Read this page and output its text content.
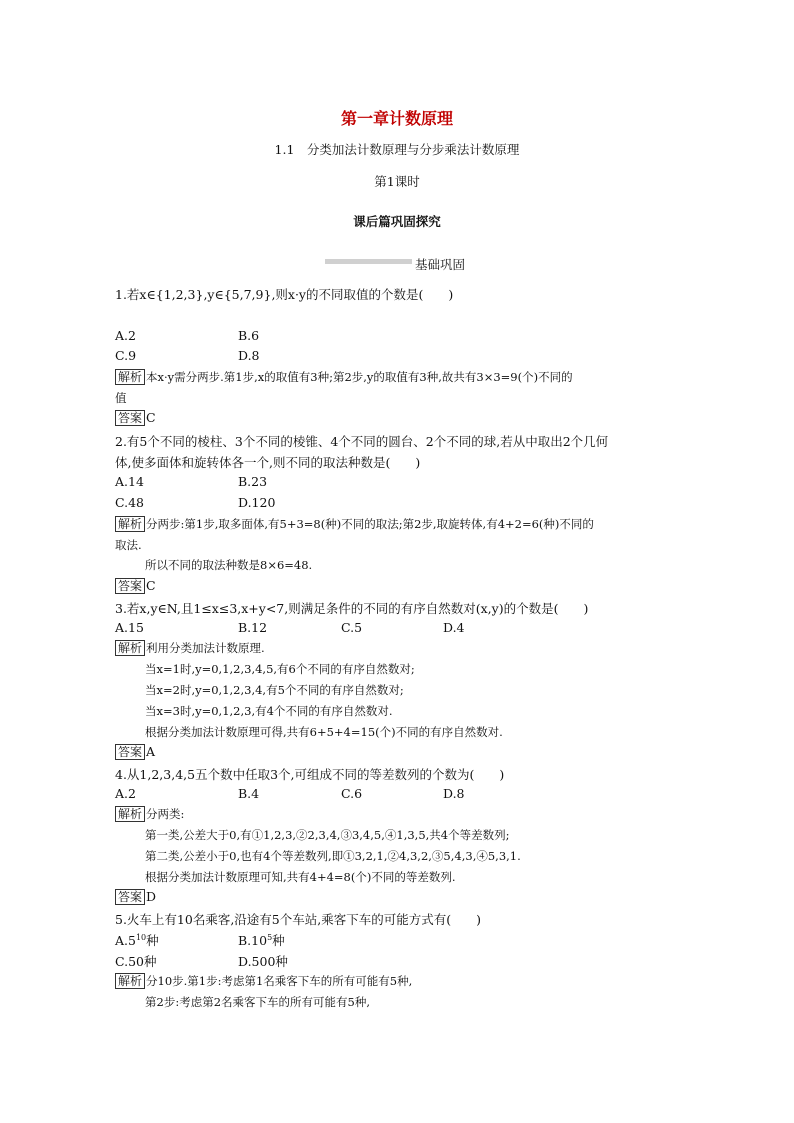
第一章计数原理
1.1　分类加法计数原理与分步乘法计数原理
第1课时
课后篇巩固探究
基础巩固
1.若x∈{1,2,3},y∈{5,7,9},则x·y的不同取值的个数是(　　)
A.2	B.6
C.9	D.8
解析 本x·y需分两步.第1步,x的取值有3种;第2步,y的取值有3种,故共有3×3=9(个)不同的
值
答案 C
2.有5个不同的棱柱、3个不同的棱锥、4个不同的圆台、2个不同的球,若从中取出2个几何
体,使多面体和旋转体各一个,则不同的取法种数是(　　)
A.14	B.23
C.48	D.120
解析 分两步:第1步,取多面体,有5+3=8(种)不同的取法;第2步,取旋转体,有4+2=6(种)不同的
取法.
所以不同的取法种数是8×6=48.
答案 C
3.若x,y∈N,且1≤x≤3,x+y<7,则满足条件的不同的有序自然数对(x,y)的个数是(　　)
A.15	B.12	C.5	D.4
解析 利用分类加法计数原理.
当x=1时,y=0,1,2,3,4,5,有6个不同的有序自然数对;
当x=2时,y=0,1,2,3,4,有5个不同的有序自然数对;
当x=3时,y=0,1,2,3,有4个不同的有序自然数对.
根据分类加法计数原理可得,共有6+5+4=15(个)不同的有序自然数对.
答案 A
4.从1,2,3,4,5五个数中任取3个,可组成不同的等差数列的个数为(　　)
A.2	B.4	C.6	D.8
解析 分两类:
第一类,公差大于0,有①1,2,3,②2,3,4,③3,4,5,④1,3,5,共4个等差数列;
第二类,公差小于0,也有4个等差数列,即①3,2,1,②4,3,2,③5,4,3,④5,3,1.
根据分类加法计数原理可知,共有4+4=8(个)不同的等差数列.
答案 D
5.火车上有10名乘客,沿途有5个车站,乘客下车的可能方式有(　　)
$A.5^{10}$种	$B.10^5$种
C.50种	D.500种
解析 分10步.第1步:考虑第1名乘客下车的所有可能有5种,
第2步:考虑第2名乘客下车的所有可能有5种,
